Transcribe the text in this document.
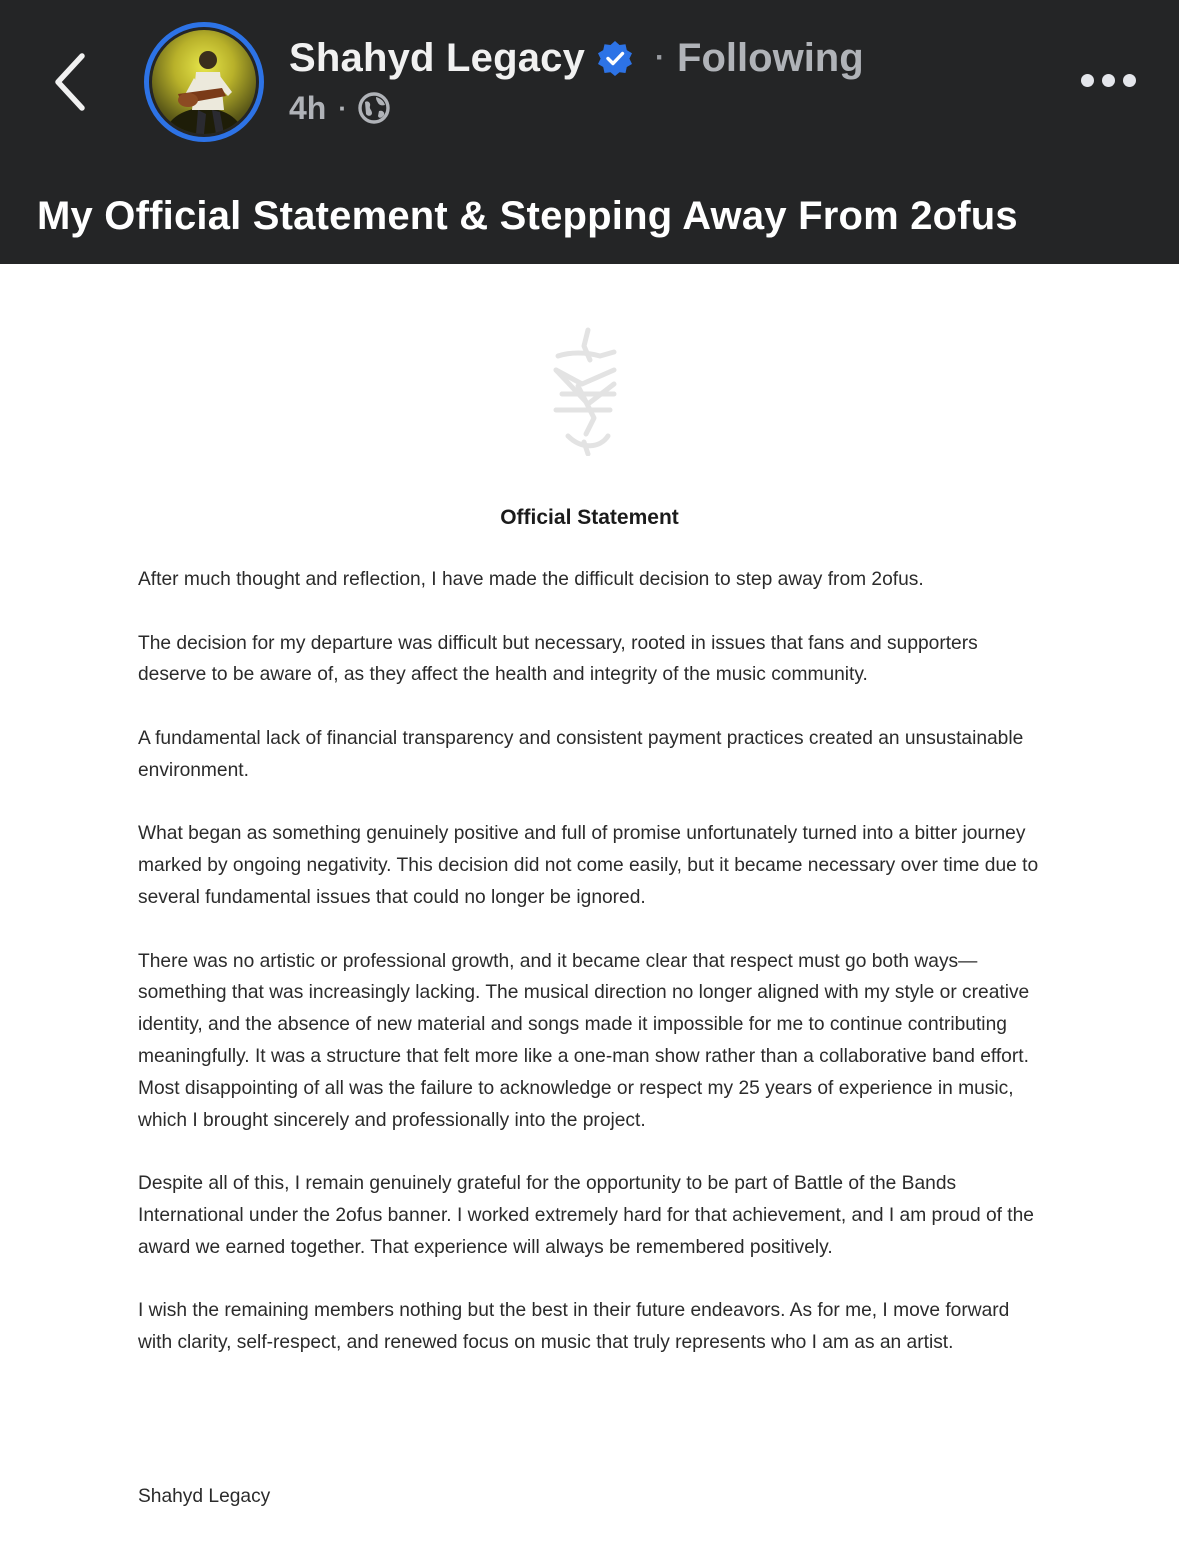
Shahyd Legacy · Following
4h ·
My Official Statement & Stepping Away From 2ofus
Official Statement

After much thought and reflection, I have made the difficult decision to step away from 2ofus.

The decision for my departure was difficult but necessary, rooted in issues that fans and supporters deserve to be aware of, as they affect the health and integrity of the music community.

A fundamental lack of financial transparency and consistent payment practices created an unsustainable environment.

What began as something genuinely positive and full of promise unfortunately turned into a bitter journey marked by ongoing negativity. This decision did not come easily, but it became necessary over time due to several fundamental issues that could no longer be ignored.

There was no artistic or professional growth, and it became clear that respect must go both ways—something that was increasingly lacking. The musical direction no longer aligned with my style or creative identity, and the absence of new material and songs made it impossible for me to continue contributing meaningfully. It was a structure that felt more like a one-man show rather than a collaborative band effort. Most disappointing of all was the failure to acknowledge or respect my 25 years of experience in music, which I brought sincerely and professionally into the project.

Despite all of this, I remain genuinely grateful for the opportunity to be part of Battle of the Bands International under the 2ofus banner. I worked extremely hard for that achievement, and I am proud of the award we earned together. That experience will always be remembered positively.

I wish the remaining members nothing but the best in their future endeavors. As for me, I move forward with clarity, self-respect, and renewed focus on music that truly represents who I am as an artist.

Shahyd Legacy
